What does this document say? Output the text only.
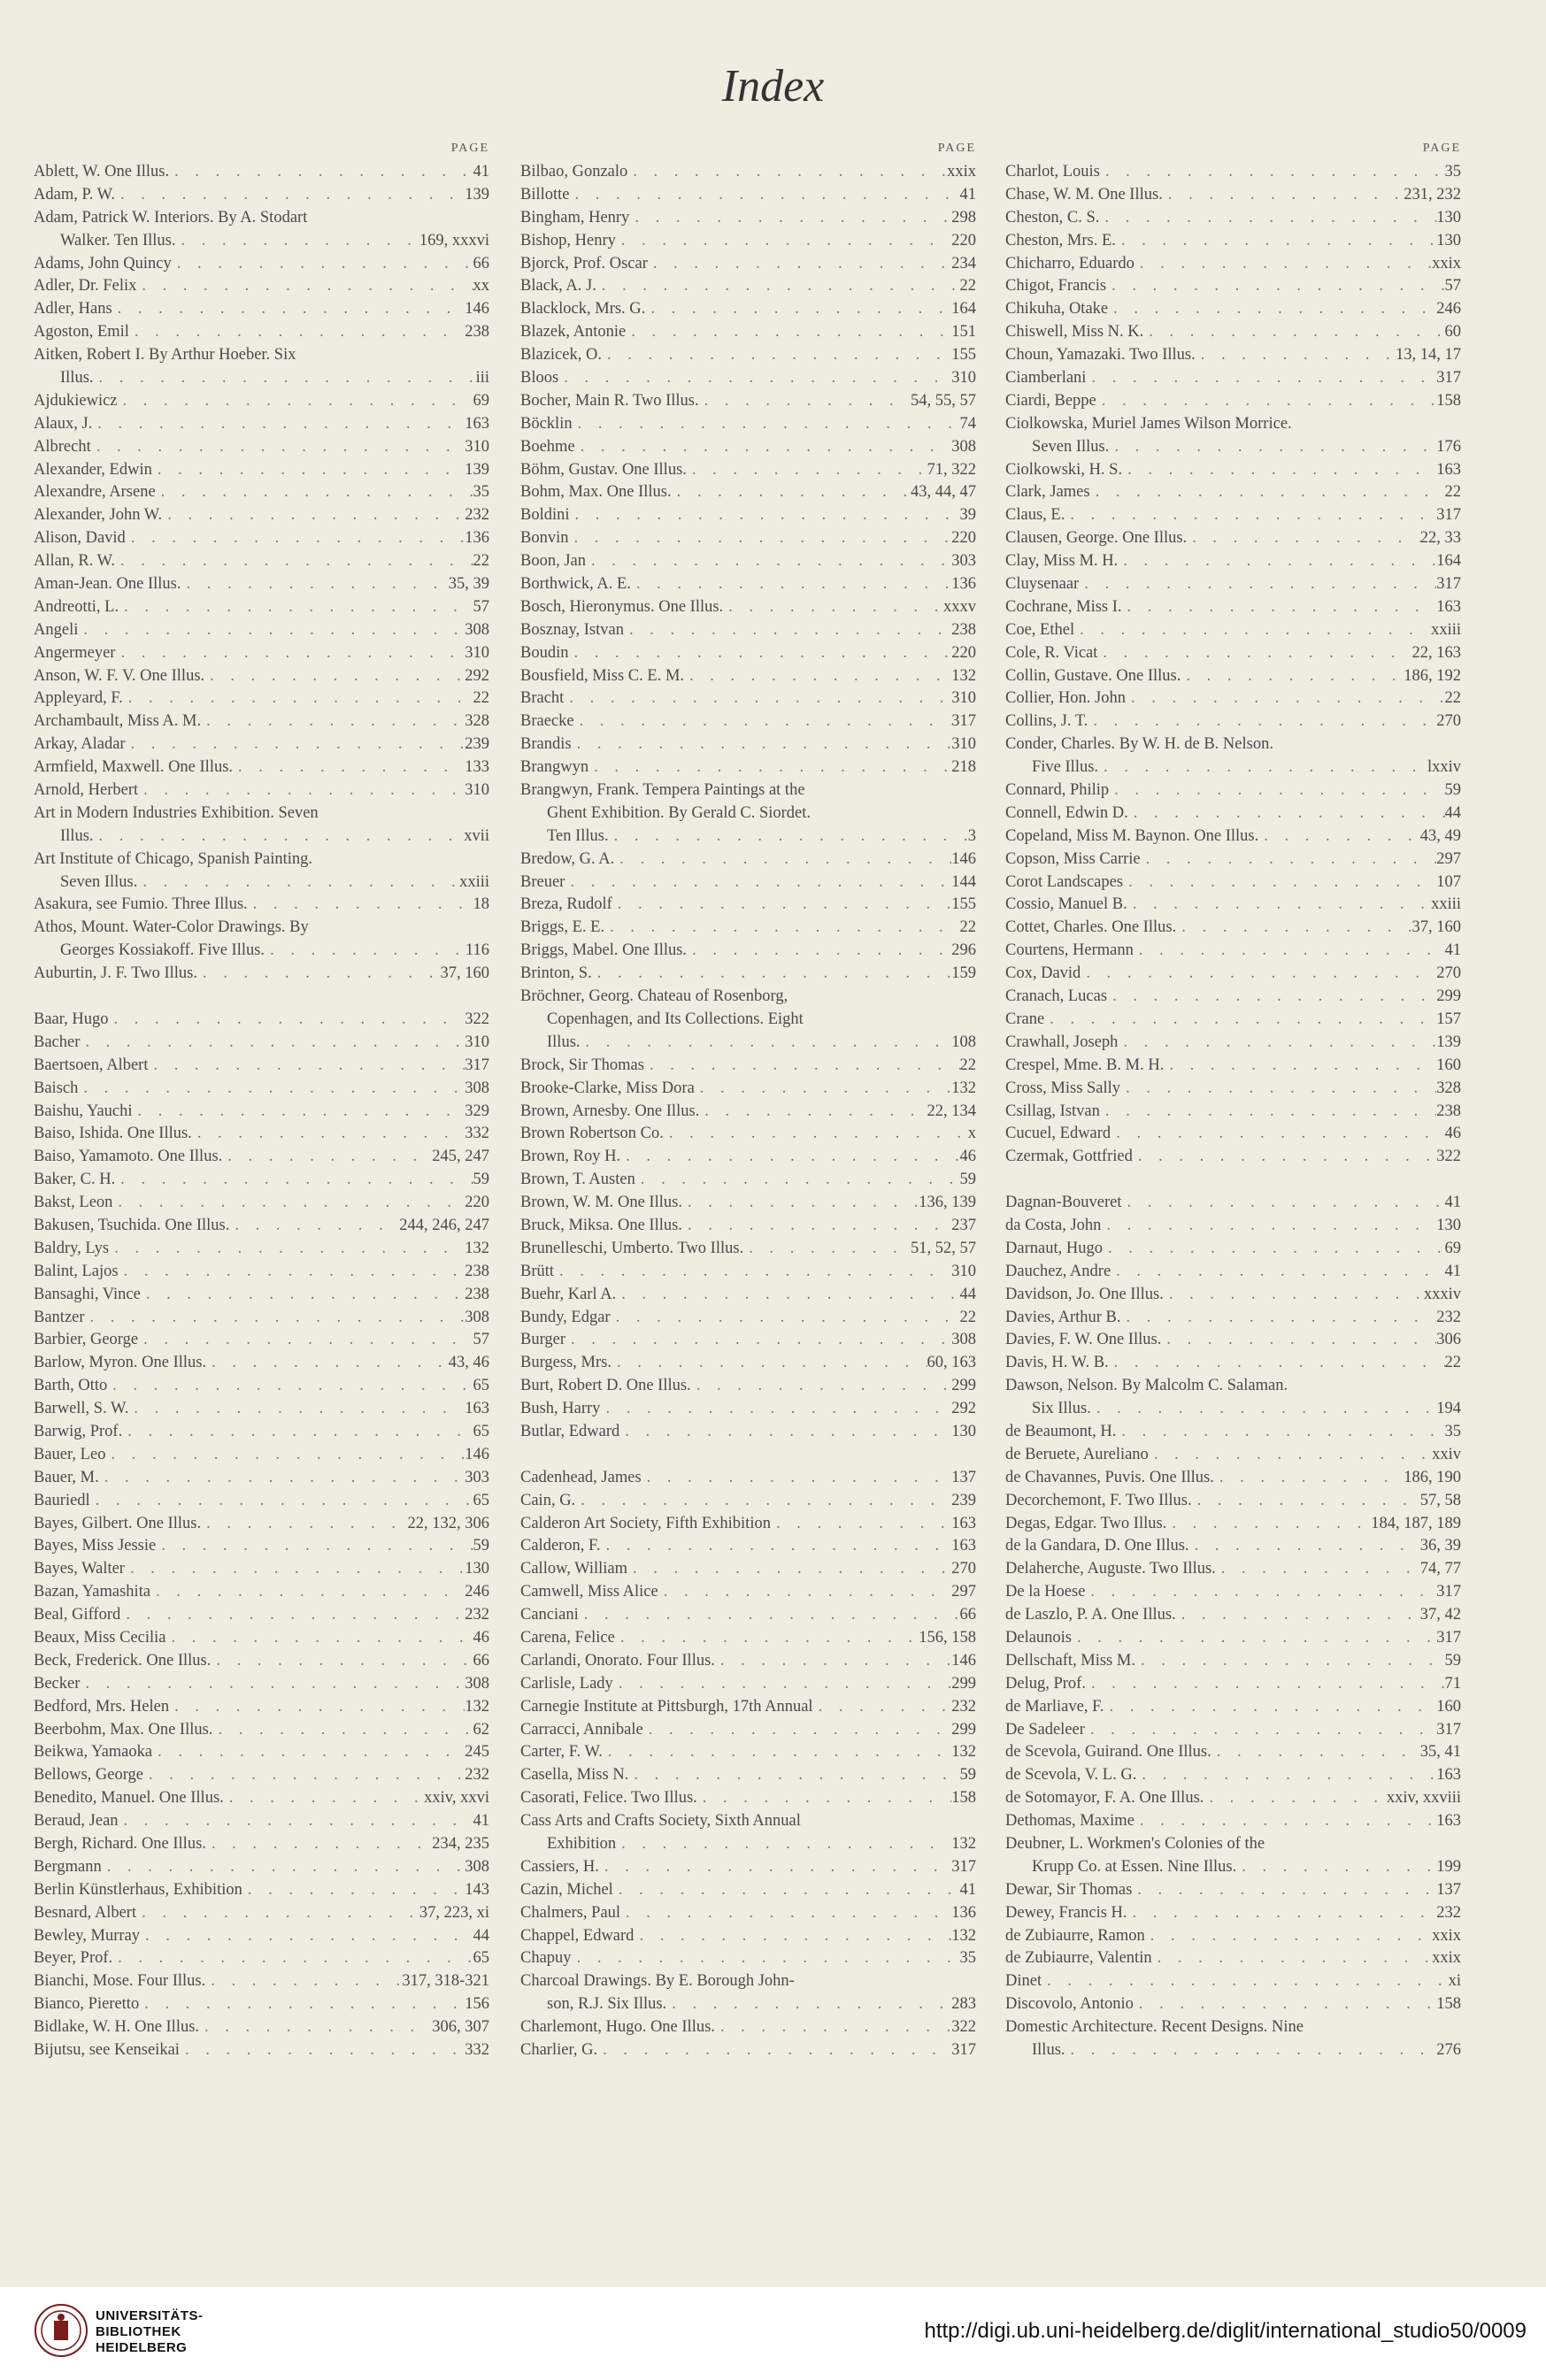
Index
PAGE
Ablett, W. One Illus. . . .	41
Adam, P. W. . . .	139
Adam, Patrick W. Interiors. By A. Stodart
Walker. Ten Illus. . . .	169, xxxvi
Adams, John Quincy . . .	66
Adler, Dr. Felix . . .	xx
Adler, Hans . . .	146
Agoston, Emil . . .	238
Aitken, Robert I. By Arthur Hoeber. Six
Illus. . . .	iii
Ajdukiewicz . . .	69
Alaux, J. . . .	163
Albrecht . . .	310
Alexander, Edwin . . .	139
Alexandre, Arsene . . .	35
Alexander, John W. . . .	232
Alison, David . . .	136
Allan, R. W. . . .	22
Aman-Jean. One Illus. . . .	35, 39
Andreotti, L. . . .	57
Angeli . . .	308
Angermeyer . . .	310
Anson, W. F. V. One Illus. . . .	292
Appleyard, F. . . .	22
Archambault, Miss A. M. . . .	328
Arkay, Aladar . . .	239
Armfield, Maxwell. One Illus. . . .	133
Arnold, Herbert . . .	310
Art in Modern Industries Exhibition. Seven
Illus. . . .	xvii
Art Institute of Chicago, Spanish Painting.
Seven Illus. . . .	xxiii
Asakura, see Fumio. Three Illus. . . .	18
Athos, Mount. Water-Color Drawings. By
Georges Kossiakoff. Five Illus. . . .	116
Auburtin, J. F. Two Illus. . . .	37, 160
Baar, Hugo . . .	322
Bacher . . .	310
Baertsoen, Albert . . .	317
Baisch . . .	308
Baishu, Yauchi . . .	329
Baiso, Ishida. One Illus. . . .	332
Baiso, Yamamoto. One Illus. . . .	245, 247
Baker, C. H. . . .	59
Bakst, Leon . . .	220
Bakusen, Tsuchida. One Illus. . . .	244, 246, 247
Baldry, Lys . . .	132
Balint, Lajos . . .	238
Bansaghi, Vince . . .	238
Bantzer . . .	308
Barbier, George . . .	57
Barlow, Myron. One Illus. . . .	43, 46
Barth, Otto . . .	65
Barwell, S. W. . . .	163
Barwig, Prof. . . .	65
Bauer, Leo . . .	146
Bauer, M. . . .	303
Bauriedl . . .	65
Bayes, Gilbert. One Illus. . . .	22, 132, 306
Bayes, Miss Jessie . . .	59
Bayes, Walter . . .	130
Bazan, Yamashita . . .	246
Beal, Gifford . . .	232
Beaux, Miss Cecilia . . .	46
Beck, Frederick. One Illus. . . .	66
Becker . . .	308
Bedford, Mrs. Helen . . .	132
Beerbohm, Max. One Illus. . . .	62
Beikwa, Yamaoka . . .	245
Bellows, George . . .	232
Benedito, Manuel. One Illus. . . .	xxiv, xxvi
Beraud, Jean . . .	41
Bergh, Richard. One Illus. . . .	234, 235
Bergmann . . .	308
Berlin Künstlerhaus, Exhibition . . .	143
Besnard, Albert . . .	37, 223, xi
Bewley, Murray . . .	44
Beyer, Prof. . . .	65
Bianchi, Mose. Four Illus. . . .	317, 318-321
Bianco, Pieretto . . .	156
Bidlake, W. H. One Illus. . . .	306, 307
Bijutsu, see Kenseikai . . .	332
PAGE
Bilbao, Gonzalo . . .	xxix
Billotte . . .	41
Bingham, Henry . . .	298
Bishop, Henry . . .	220
Bjorck, Prof. Oscar . . .	234
Black, A. J. . . .	22
Blacklock, Mrs. G. . . .	164
Blazek, Antonie . . .	151
Blazicek, O. . . .	155
Bloos . . .	310
Bocher, Main R. Two Illus. . . .	54, 55, 57
Böcklin . . .	74
Boehme . . .	308
Böhm, Gustav. One Illus. . . .	71, 322
Bohm, Max. One Illus. . . .	43, 44, 47
Boldini . . .	39
Bonvin . . .	220
Boon, Jan . . .	303
Borthwick, A. E. . . .	136
Bosch, Hieronymus. One Illus. . . .	xxxv
Bosznay, Istvan . . .	238
Boudin . . .	220
Bousfield, Miss C. E. M. . . .	132
Bracht . . .	310
Braecke . . .	317
Brandis . . .	310
Brangwyn . . .	218
Brangwyn, Frank. Tempera Paintings at the
Ghent Exhibition. By Gerald C. Siordet.
Ten Illus. . . .	3
Bredow, G. A. . . .	146
Breuer . . .	144
Breza, Rudolf . . .	155
Briggs, E. E. . . .	22
Briggs, Mabel. One Illus. . . .	296
Brinton, S. . . .	159
Bröchner, Georg. Chateau of Rosenborg,
Copenhagen, and Its Collections. Eight
Illus. . . .	108
Brock, Sir Thomas . . .	22
Brooke-Clarke, Miss Dora . . .	132
Brown, Arnesby. One Illus. . . .	22, 134
Brown Robertson Co. . . .	x
Brown, Roy H. . . .	46
Brown, T. Austen . . .	59
Brown, W. M. One Illus. . . .	136, 139
Bruck, Miksa. One Illus. . . .	237
Brunelleschi, Umberto. Two Illus. . . .	51, 52, 57
Brütt . . .	310
Buehr, Karl A. . . .	44
Bundy, Edgar . . .	22
Burger . . .	308
Burgess, Mrs. . . .	60, 163
Burt, Robert D. One Illus. . . .	299
Bush, Harry . . .	292
Butlar, Edward . . .	130
Cadenhead, James . . .	137
Cain, G. . . .	239
Calderon Art Society, Fifth Exhibition . . .	163
Calderon, F. . . .	163
Callow, William . . .	270
Camwell, Miss Alice . . .	297
Canciani . . .	66
Carena, Felice . . .	156, 158
Carlandi, Onorato. Four Illus. . . .	146
Carlisle, Lady . . .	299
Carnegie Institute at Pittsburgh, 17th Annual . . .	232
Carracci, Annibale . . .	299
Carter, F. W. . . .	132
Casella, Miss N. . . .	59
Casorati, Felice. Two Illus. . . .	158
Cass Arts and Crafts Society, Sixth Annual
Exhibition . . .	132
Cassiers, H. . . .	317
Cazin, Michel . . .	41
Chalmers, Paul . . .	136
Chappel, Edward . . .	132
Chapuy . . .	35
Charcoal Drawings. By E. Borough John-
son, R.J. Six Illus. . . .	283
Charlemont, Hugo. One Illus. . . .	322
Charlier, G. . . .	317
PAGE
Charlot, Louis . . .	35
Chase, W. M. One Illus. . . .	231, 232
Cheston, C. S. . . .	130
Cheston, Mrs. E. . . .	130
Chicharro, Eduardo . . .	xxix
Chigot, Francis . . .	57
Chikuha, Otake . . .	246
Chiswell, Miss N. K. . . .	60
Choun, Yamazaki. Two Illus. . . .	13, 14, 17
Ciamberlani . . .	317
Ciardi, Beppe . . .	158
Ciolkowska, Muriel James Wilson Morrice.
Seven Illus. . . .	176
Ciolkowski, H. S. . . .	163
Clark, James . . .	22
Claus, E. . . .	317
Clausen, George. One Illus. . . .	22, 33
Clay, Miss M. H. . . .	164
Cluysenaar . . .	317
Cochrane, Miss I. . . .	163
Coe, Ethel . . .	xxiii
Cole, R. Vicat . . .	22, 163
Collin, Gustave. One Illus. . . .	186, 192
Collier, Hon. John . . .	22
Collins, J. T. . . .	270
Conder, Charles. By W. H. de B. Nelson.
Five Illus. . . .	lxxiv
Connard, Philip . . .	59
Connell, Edwin D. . . .	44
Copeland, Miss M. Baynon. One Illus. . . .	43, 49
Copson, Miss Carrie . . .	297
Corot Landscapes . . .	107
Cossio, Manuel B. . . .	xxiii
Cottet, Charles. One Illus. . . .	37, 160
Courtens, Hermann . . .	41
Cox, David . . .	270
Cranach, Lucas . . .	299
Crane . . .	157
Crawhall, Joseph . . .	139
Crespel, Mme. B. M. H. . . .	160
Cross, Miss Sally . . .	328
Csillag, Istvan . . .	238
Cucuel, Edward . . .	46
Czermak, Gottfried . . .	322
Dagnan-Bouveret . . .	41
da Costa, John . . .	130
Darnaut, Hugo . . .	69
Dauchez, Andre . . .	41
Davidson, Jo. One Illus. . . .	xxxiv
Davies, Arthur B. . . .	232
Davies, F. W. One Illus. . . .	306
Davis, H. W. B. . . .	22
Dawson, Nelson. By Malcolm C. Salaman.
Six Illus. . . .	194
de Beaumont, H. . . .	35
de Beruete, Aureliano . . .	xxiv
de Chavannes, Puvis. One Illus. . . .	186, 190
Decorchemont, F. Two Illus. . . .	57, 58
Degas, Edgar. Two Illus. . . .	184, 187, 189
de la Gandara, D. One Illus. . . .	36, 39
Delaherche, Auguste. Two Illus. . . .	74, 77
De la Hoese . . .	317
de Laszlo, P. A. One Illus. . . .	37, 42
Delaunois . . .	317
Dellschaft, Miss M. . . .	59
Delug, Prof. . . .	71
de Marliave, F. . . .	160
De Sadeleer . . .	317
de Scevola, Guirand. One Illus. . . .	35, 41
de Scevola, V. L. G. . . .	163
de Sotomayor, F. A. One Illus. . . .	xxiv, xxviii
Dethomas, Maxime . . .	163
Deubner, L. Workmen's Colonies of the
Krupp Co. at Essen. Nine Illus. . . .	199
Dewar, Sir Thomas . . .	137
Dewey, Francis H. . . .	232
de Zubiaurre, Ramon . . .	xxix
de Zubiaurre, Valentin . . .	xxix
Dinet . . .	xi
Discovolo, Antonio . . .	158
Domestic Architecture. Recent Designs. Nine
Illus. . . .	276
UNIVERSITÄTS-
BIBLIOTHEK
HEIDELBERG
http://digi.ub.uni-heidelberg.de/diglit/international_studio50/0009
